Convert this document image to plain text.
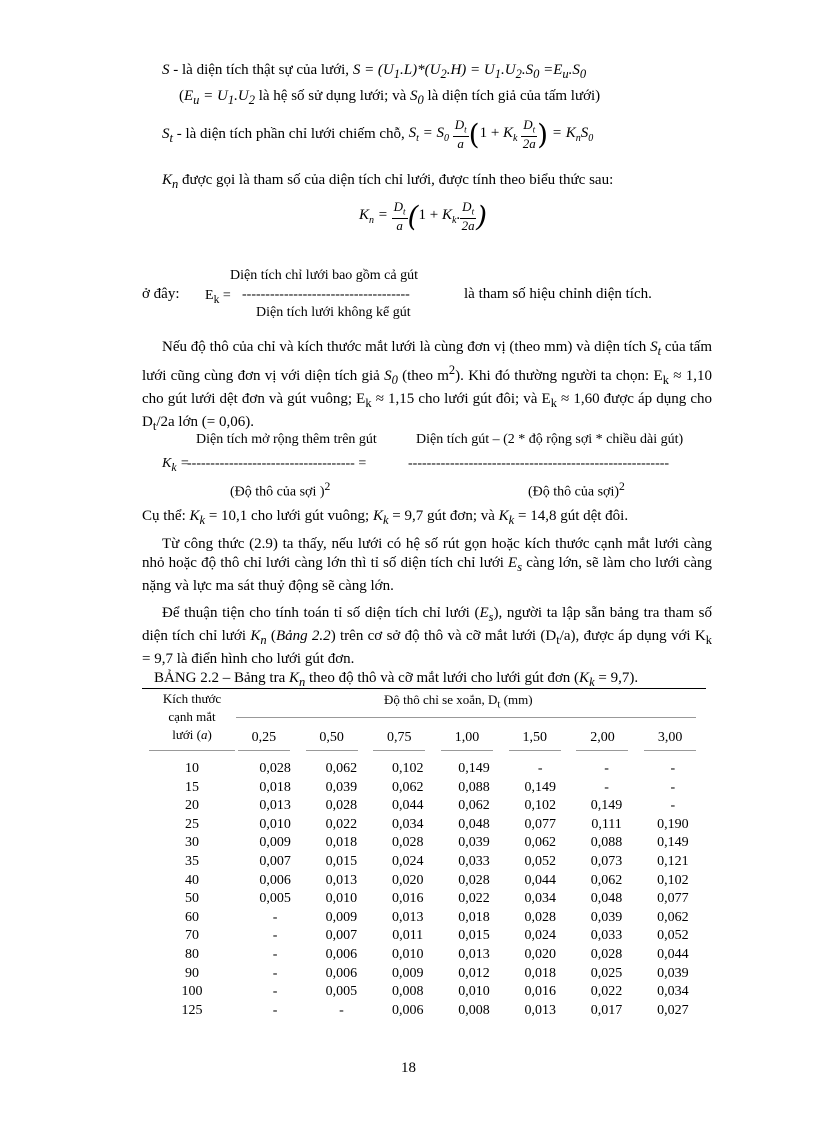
S - là diện tích thật sự của lưới, $S = (U_1.L)*(U_2.H) = U_1.U_2.S_0 =E_u.S_0$
($E_u = U_1.U_2$ là hệ số sử dụng lưới; và $S_0$ là diện tích giả của tấm lưới)
$S_t$ - là diện tích phần chỉ lưới chiếm chỗ, $S_t = S_0 \frac{D_t}{a} (1 + K_k \frac{D_t}{2a}$ ) = $K_nS_0$
$K_n$ được gọi là tham số của diện tích chỉ lưới, được tính theo biểu thức sau:
$K_n = \frac{D_t}{a} (1 + K_k$. $\frac{D_t}{2a}$ )
ở đây: $E_k$ =
Diện tích chỉ lưới bao gồm cả gút
------------------------------------
Diện tích lưới không kể gút
là tham số hiệu chỉnh diện tích.
Nếu độ thô của chỉ và kích thước mắt lưới là cùng đơn vị (theo mm) và diện tích $S_t$ của tấm lưới cũng cùng đơn vị với diện tích giả $S_0$ (theo $m^2$). Khi đó thường người ta chọn: $E_k \approx 1,10$ cho gút lưới dệt đơn và gút vuông; $E_k \approx 1,15$ cho lưới gút đôi; và $E_k \approx 1,60$ được áp dụng cho $D_t/2a$ lớn (= 0,06).
Diện tích mở rộng thêm trên gút	Diện tích gút – (2 * độ rộng sợi * chiều dài gút)
$K_k$ =
------------------------------------ =	--------------------------------------------------------
(Độ thô của sợi )$^2$	(Độ thô của sợi)$^2$
Cụ thể: $K_k = 10,1$ cho lưới gút vuông; $K_k = 9,7$ gút đơn; và $K_k = 14,8$ gút dệt đôi.
Từ công thức (2.9) ta thấy, nếu lưới có hệ số rút gọn hoặc kích thước cạnh mắt lưới càng nhỏ hoặc độ thô chỉ lưới càng lớn thì tỉ số diện tích chỉ lưới $E_s$ càng lớn, sẽ làm cho lưới càng nặng và lực ma sát thuỷ động sẽ càng lớn.
Để thuận tiện cho tính toán tỉ số diện tích chỉ lưới $(E_s)$, người ta lập sẵn bảng tra tham số diện tích chỉ lưới $K_n$ (Bảng 2.2) trên cơ sở độ thô và cỡ mắt lưới $(D_t/a)$, được áp dụng với $K_k = 9,7$ là điển hình cho lưới gút đơn.
BẢNG 2.2 – Bảng tra $K_n$ theo độ thô và cỡ mắt lưới cho lưới gút đơn $(K_k = 9,7)$.
Kích thước
cạnh mắt
lưới (a)
Độ thô chỉ se xoắn, $D_t$ (mm)
0,25	0,50	0,75	1,00	1,50	2,00	3,00
10	0,028	0,062	0,102	0,149	-	-	-
15	0,018	0,039	0,062	0,088	0,149	-	-
20	0,013	0,028	0,044	0,062	0,102	0,149	-
25	0,010	0,022	0,034	0,048	0,077	0,111	0,190
30	0,009	0,018	0,028	0,039	0,062	0,088	0,149
35	0,007	0,015	0,024	0,033	0,052	0,073	0,121
40	0,006	0,013	0,020	0,028	0,044	0,062	0,102
50	0,005	0,010	0,016	0,022	0,034	0,048	0,077
60	-	0,009	0,013	0,018	0,028	0,039	0,062
70	-	0,007	0,011	0,015	0,024	0,033	0,052
80	-	0,006	0,010	0,013	0,020	0,028	0,044
90	-	0,006	0,009	0,012	0,018	0,025	0,039
100	-	0,005	0,008	0,010	0,016	0,022	0,034
125	-	-	0,006	0,008	0,013	0,017	0,027
18
